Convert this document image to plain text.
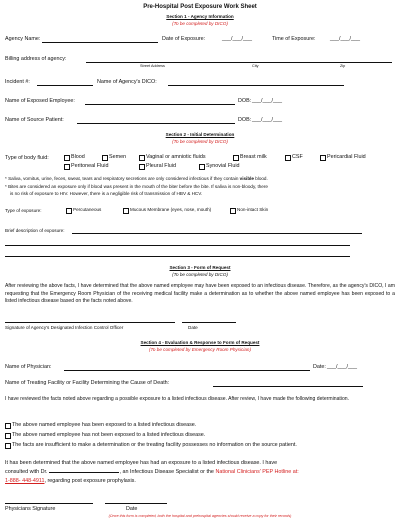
Pre-Hospital Post Exposure Work Sheet
Section 1 - Agency Information
(To be completed by DICO)
Agency Name:	Date of Exposure:	___/___/___	Time of Exposure:	___/___/___
Billing address of agency:
Street Address	City	Zip
Incident #:	Name of Agency's DICO:
Name of Exposed Employee:	DOB: ___/___/___
Name of Source Patient:	DOB: ___/___/___
Section 2 - Initial Determination
(To be completed by DICO)
Type of body fluid:	Blood	Semen	Vaginal or amniotic fluids	Breast milk	CSF	Pericardial Fluid
Peritoneal Fluid	Pleural Fluid	Synovial Fluid
* Saliva, vomitus, urine, feces, sweat, tears and respiratory secretions are only considered infectious if they contain visible blood.
* Bites are considered an exposure only if blood was present in the mouth of the biter before the bite. If saliva is non-bloody, there
is no risk of exposure to HIV. However, there is a negligible risk of transmission of HBV & HCV.
Type of exposure:	Percutaneous	Mucous Membrane (eyes, nose, mouth)	Non-intact Skin
Brief description of exposure:
Section 3 - Form of Request
(To be completed by DICO)
After reviewing the above facts, I have determined that the above named employee may have been exposed to an infectious disease. Therefore, as the agency's DICO, I am requesting that the Emergency Room Physician of the receiving medical facility make a determination as to whether the above named employee has been exposed to a listed infectious disease based on the facts noted above.
Signature of Agency's Designated Infection Control Officer	Date
Section 4 - Evaluation & Response to Form of Request
(To be completed by Emergency Room Physician)
Name of Physician:	Date: ___/___/___
Name of Treating Facility or Facility Determining the Cause of Death:
I have reviewed the facts noted above regarding a possible exposure to a listed infectious disease. After review, I have made the following determination.
The above named employee has been exposed to a listed infectious disease.
The above named employee has not been exposed to a listed infectious disease.
The facts are insufficient to make a determination or the treating facility possesses no information on the source patient.
It has been determined that the above named employee has had an exposure to a listed infectious disease. I have
consulted with Dr.	, an Infectious Disease Specialist or the National Clinicians' PEP Hotline at:
1-888- 448-4911, regarding post exposure prophylaxis.
Physicians Signature	Date
(Once this form is completed, both the hospital and prehospital agencies should receive a copy for their records)
